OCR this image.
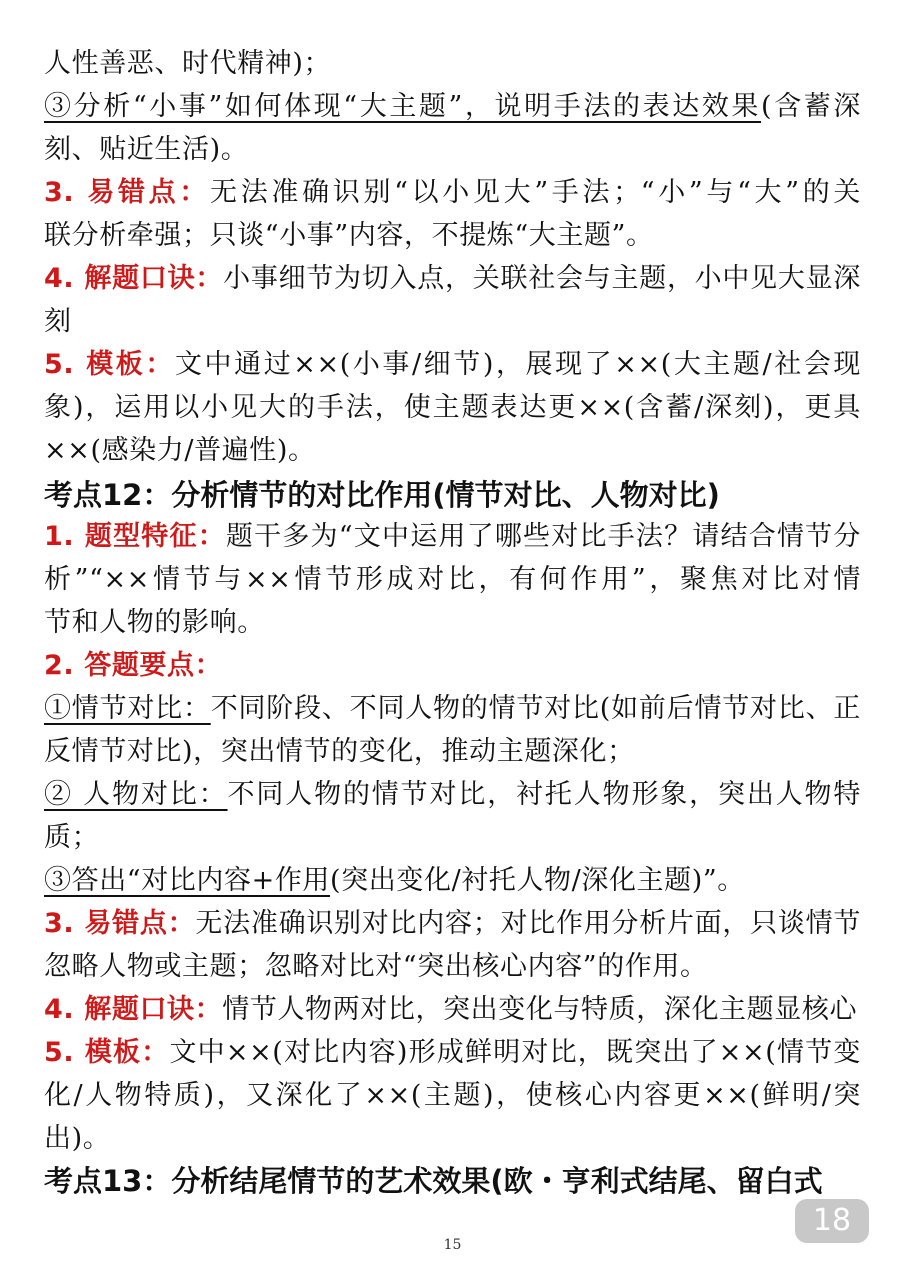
人性善恶、时代精神)；
③分析“小事”如何体现“大主题”，说明手法的表达效果(含蓄深
刻、贴近生活)。
3. 易错点：无法准确识别“以小见大”手法；“小”与“大”的关
联分析牵强；只谈“小事”内容，不提炼“大主题”。
4. 解题口诀：小事细节为切入点，关联社会与主题，小中见大显深
刻
5. 模板：文中通过××(小事/细节)，展现了××(大主题/社会现
象)，运用以小见大的手法，使主题表达更××(含蓄/深刻)，更具
××(感染力/普遍性)。
考点12：分析情节的对比作用(情节对比、人物对比)
1. 题型特征：题干多为“文中运用了哪些对比手法？请结合情节分
析”“××情节与××情节形成对比，有何作用”，聚焦对比对情
节和人物的影响。
2. 答题要点：
①情节对比：不同阶段、不同人物的情节对比(如前后情节对比、正
反情节对比)，突出情节的变化，推动主题深化；
② 人物对比：不同人物的情节对比，衬托人物形象，突出人物特
质；
③答出“对比内容+作用(突出变化/衬托人物/深化主题)”。
3. 易错点：无法准确识别对比内容；对比作用分析片面，只谈情节
忽略人物或主题；忽略对比对“突出核心内容”的作用。
4. 解题口诀：情节人物两对比，突出变化与特质，深化主题显核心
5. 模板：文中××(对比内容)形成鲜明对比，既突出了××(情节变
化/人物特质)，又深化了××(主题)，使核心内容更××(鲜明/突
出)。
考点13：分析结尾情节的艺术效果(欧・亨利式结尾、留白式
18
15
